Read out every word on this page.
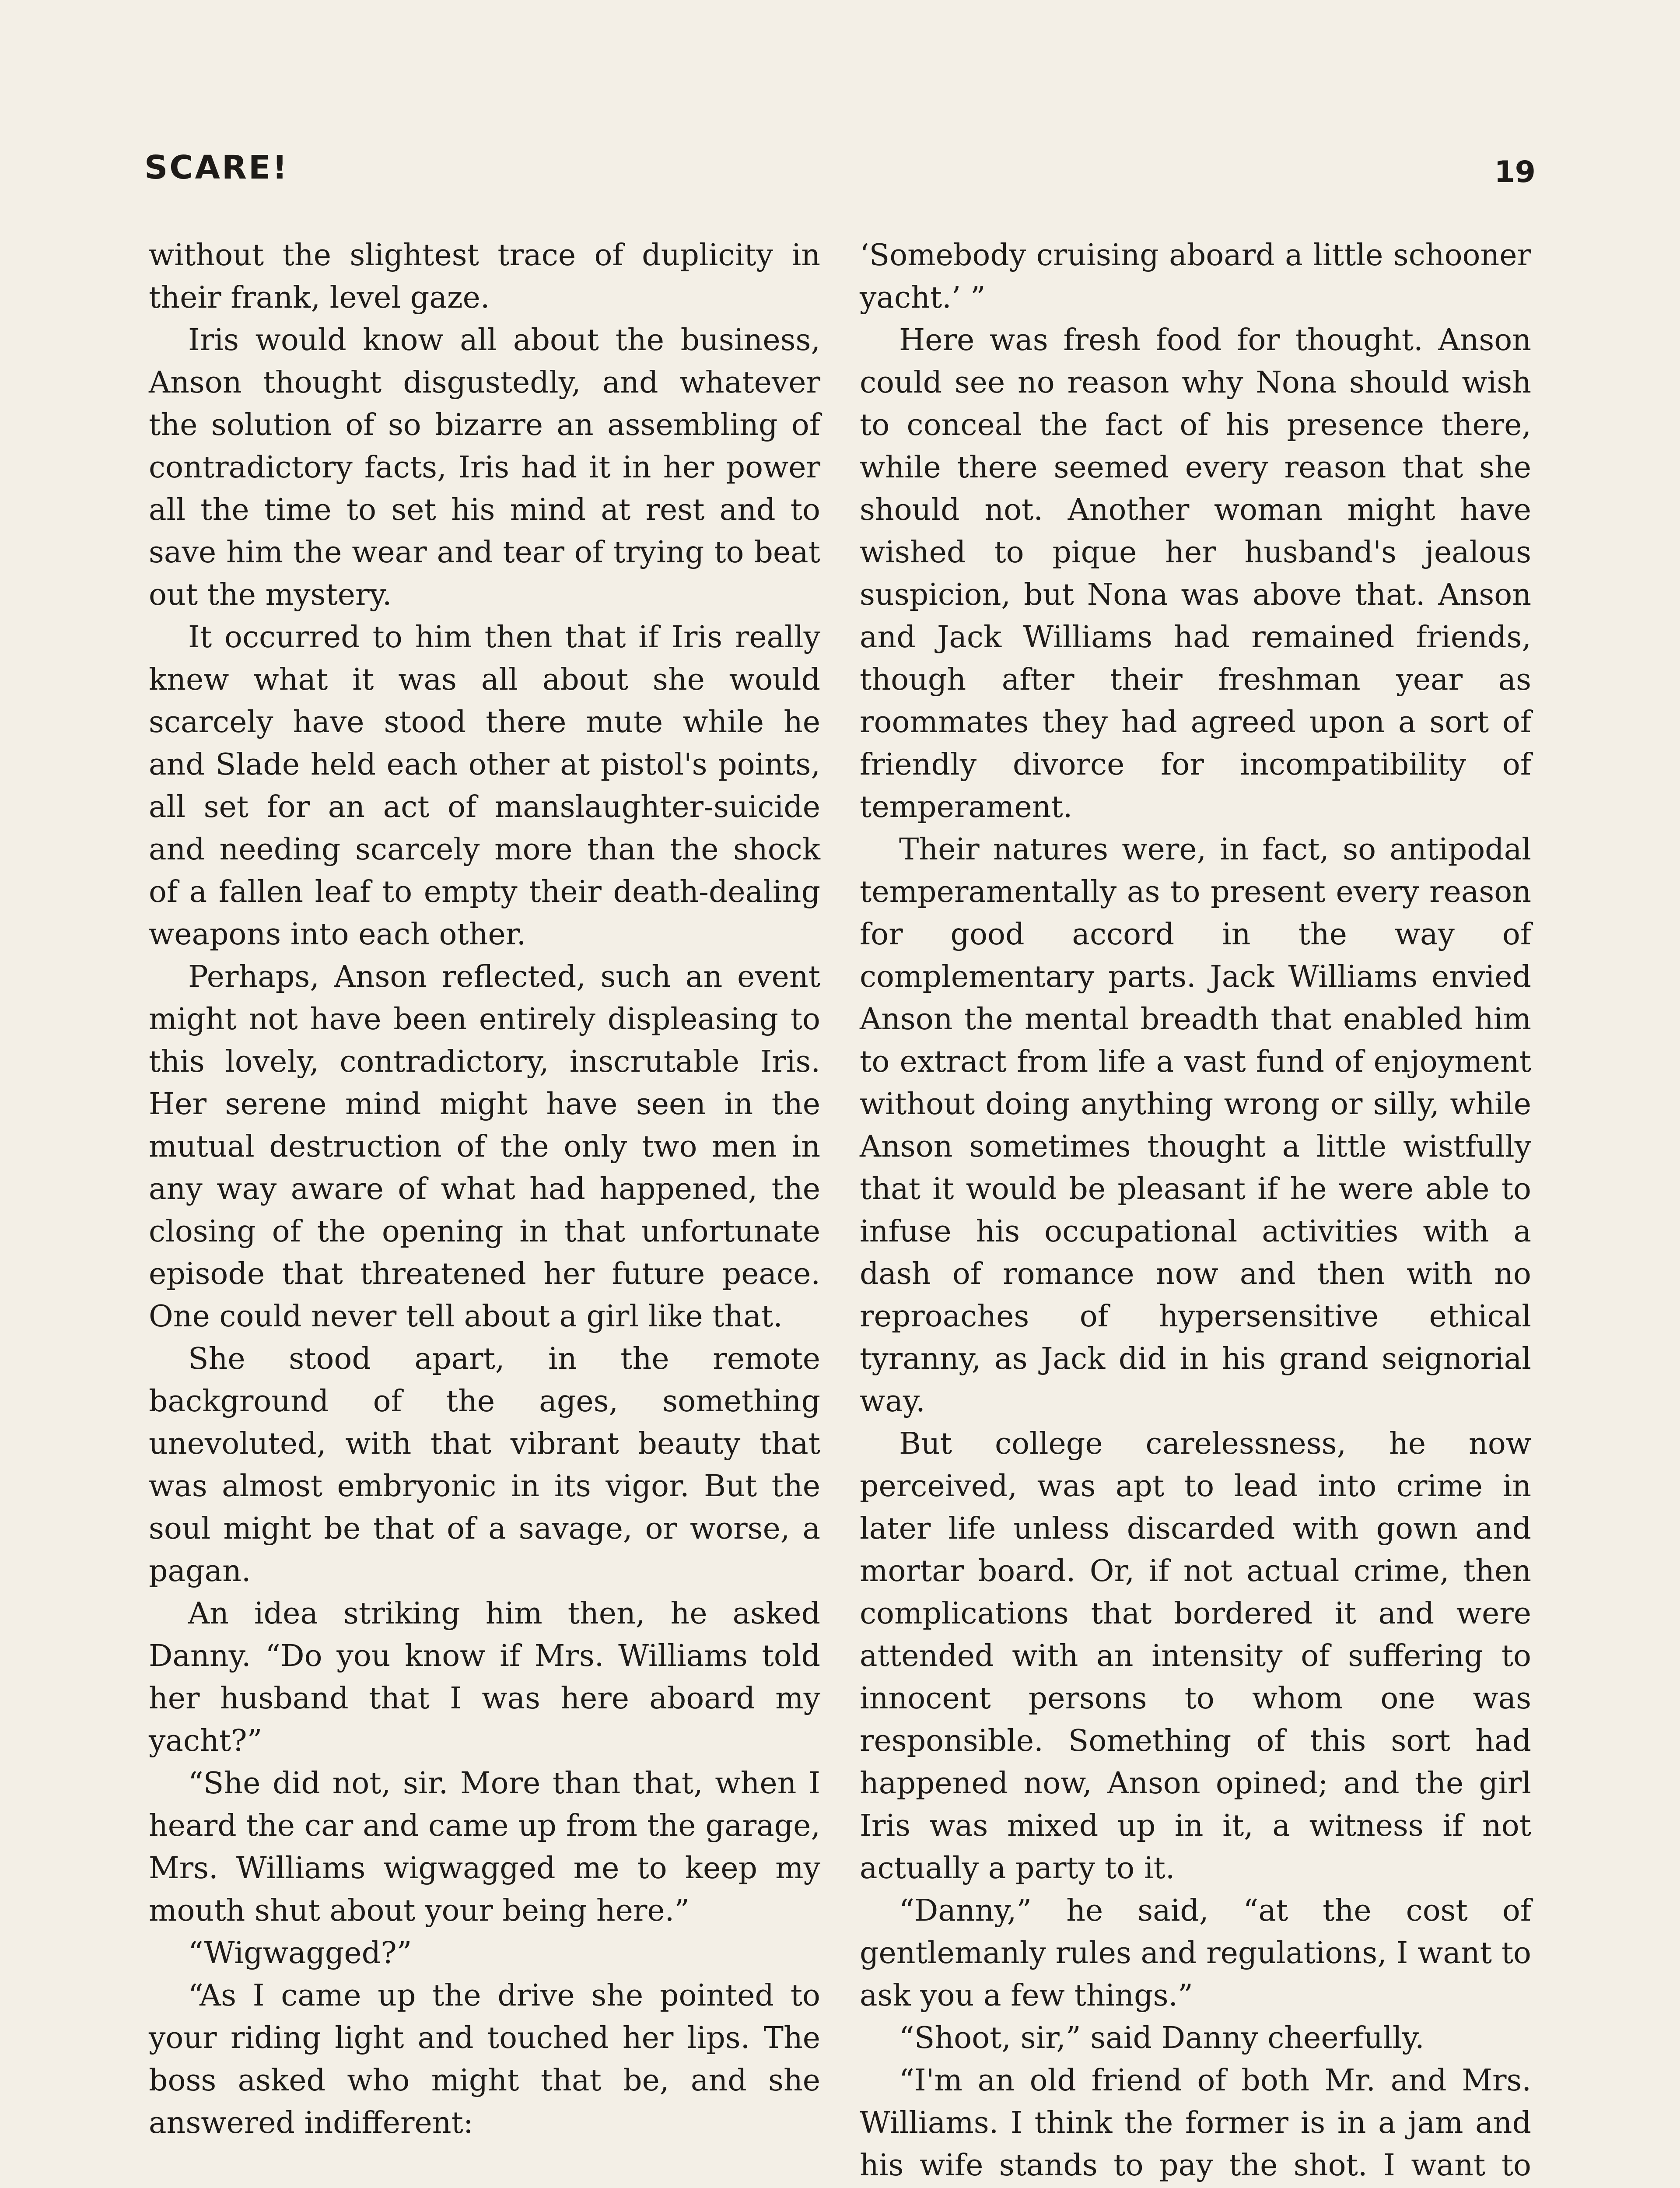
SCARE!	19

without the slightest trace of duplicity in their frank, level gaze.

Iris would know all about the business, Anson thought disgustedly, and whatever the solution of so bizarre an assembling of contradictory facts, Iris had it in her power all the time to set his mind at rest and to save him the wear and tear of trying to beat out the mystery.

It occurred to him then that if Iris really knew what it was all about she would scarcely have stood there mute while he and Slade held each other at pistol's points, all set for an act of manslaughter-suicide and needing scarcely more than the shock of a fallen leaf to empty their death-dealing weapons into each other.

Perhaps, Anson reflected, such an event might not have been entirely displeasing to this lovely, contradictory, inscrutable Iris. Her serene mind might have seen in the mutual destruction of the only two men in any way aware of what had happened, the closing of the opening in that unfortunate episode that threatened her future peace. One could never tell about a girl like that.

She stood apart, in the remote background of the ages, something unevoluted, with that vibrant beauty that was almost embryonic in its vigor. But the soul might be that of a savage, or worse, a pagan.

An idea striking him then, he asked Danny. “Do you know if Mrs. Williams told her husband that I was here aboard my yacht?”

“She did not, sir. More than that, when I heard the car and came up from the garage, Mrs. Williams wigwagged me to keep my mouth shut about your being here.”

“Wigwagged?”

“As I came up the drive she pointed to your riding light and touched her lips. The boss asked who might that be, and she answered indifferent:

‘Somebody cruising aboard a little schooner yacht.’ ”

Here was fresh food for thought. Anson could see no reason why Nona should wish to conceal the fact of his presence there, while there seemed every reason that she should not. Another woman might have wished to pique her husband's jealous suspicion, but Nona was above that. Anson and Jack Williams had remained friends, though after their freshman year as roommates they had agreed upon a sort of friendly divorce for incompatibility of temperament.

Their natures were, in fact, so antipodal temperamentally as to present every reason for good accord in the way of complementary parts. Jack Williams envied Anson the mental breadth that enabled him to extract from life a vast fund of enjoyment without doing anything wrong or silly, while Anson sometimes thought a little wistfully that it would be pleasant if he were able to infuse his occupational activities with a dash of romance now and then with no reproaches of hypersensitive ethical tyranny, as Jack did in his grand seignorial way.

But college carelessness, he now perceived, was apt to lead into crime in later life unless discarded with gown and mortar board. Or, if not actual crime, then complications that bordered it and were attended with an intensity of suffering to innocent persons to whom one was responsible. Something of this sort had happened now, Anson opined; and the girl Iris was mixed up in it, a witness if not actually a party to it.

“Danny,” he said, “at the cost of gentlemanly rules and regulations, I want to ask you a few things.”

“Shoot, sir,” said Danny cheerfully.

“I'm an old friend of both Mr. and Mrs. Williams. I think the former is in a jam and his wife stands to pay the shot. I want to
